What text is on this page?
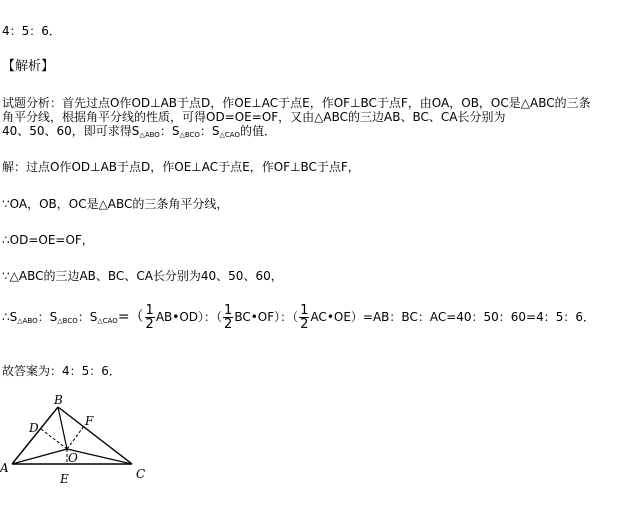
4：5：6．
【解析】
试题分析：首先过点O作OD⊥AB于点D，作OE⊥AC于点E，作OF⊥BC于点F，由OA，OB，OC是△ABC的三条
角平分线，根据角平分线的性质，可得OD=OE=OF，又由△ABC的三边AB、BC、CA长分别为
40、50、60，即可求得$S_{\triangle ABO}$：$S_{\triangle BCO}$：$S_{\triangle CAO}$的值．
解：过点O作OD⊥AB于点D，作OE⊥AC于点E，作OF⊥BC于点F，
∵OA，OB，OC是△ABC的三条角平分线，
∴OD=OE=OF，
∵△ABC的三边AB、BC、CA长分别为40、50、60，
$\therefore S_{\triangle ABO}$：$S_{\triangle BCO}$：$S_{\triangle CAO}=( \frac{1}{2}$ AB•OD）：（ $\frac{1}{2}$ BC•OF）：（ $\frac{1}{2}$ AC•OE）=AB：BC：AC=40：50：60=4：5：6．
故答案为：4：5：6．
A
B
C
D
E
F
O
